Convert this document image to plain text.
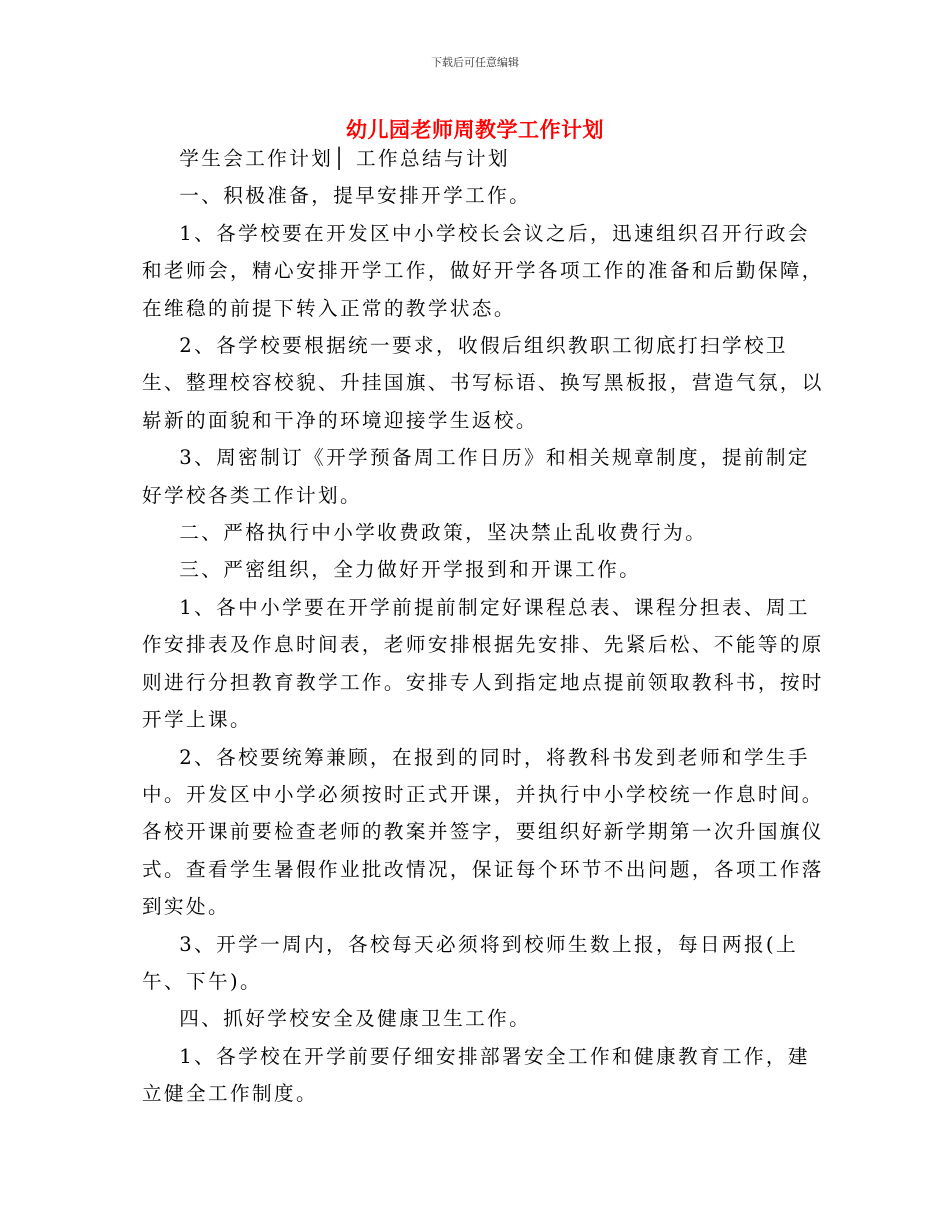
下载后可任意编辑
幼儿园老师周教学工作计划

学生会工作计划│ 工作总结与计划

一、积极准备，提早安排开学工作。

1、各学校要在开发区中小学校长会议之后，迅速组织召开行政会和老师会，精心安排开学工作，做好开学各项工作的准备和后勤保障，在维稳的前提下转入正常的教学状态。

2、各学校要根据统一要求，收假后组织教职工彻底打扫学校卫生、整理校容校貌、升挂国旗、书写标语、换写黑板报，营造气氛，以崭新的面貌和干净的环境迎接学生返校。

3、周密制订《开学预备周工作日历》和相关规章制度，提前制定好学校各类工作计划。

二、严格执行中小学收费政策，坚决禁止乱收费行为。

三、严密组织，全力做好开学报到和开课工作。

1、各中小学要在开学前提前制定好课程总表、课程分担表、周工作安排表及作息时间表，老师安排根据先安排、先紧后松、不能等的原则进行分担教育教学工作。安排专人到指定地点提前领取教科书，按时开学上课。

2、各校要统筹兼顾，在报到的同时，将教科书发到老师和学生手中。开发区中小学必须按时正式开课，并执行中小学校统一作息时间。各校开课前要检查老师的教案并签字，要组织好新学期第一次升国旗仪式。查看学生暑假作业批改情况，保证每个环节不出问题，各项工作落到实处。

3、开学一周内，各校每天必须将到校师生数上报，每日两报(上午、下午)。

四、抓好学校安全及健康卫生工作。

1、各学校在开学前要仔细安排部署安全工作和健康教育工作，建立健全工作制度。
